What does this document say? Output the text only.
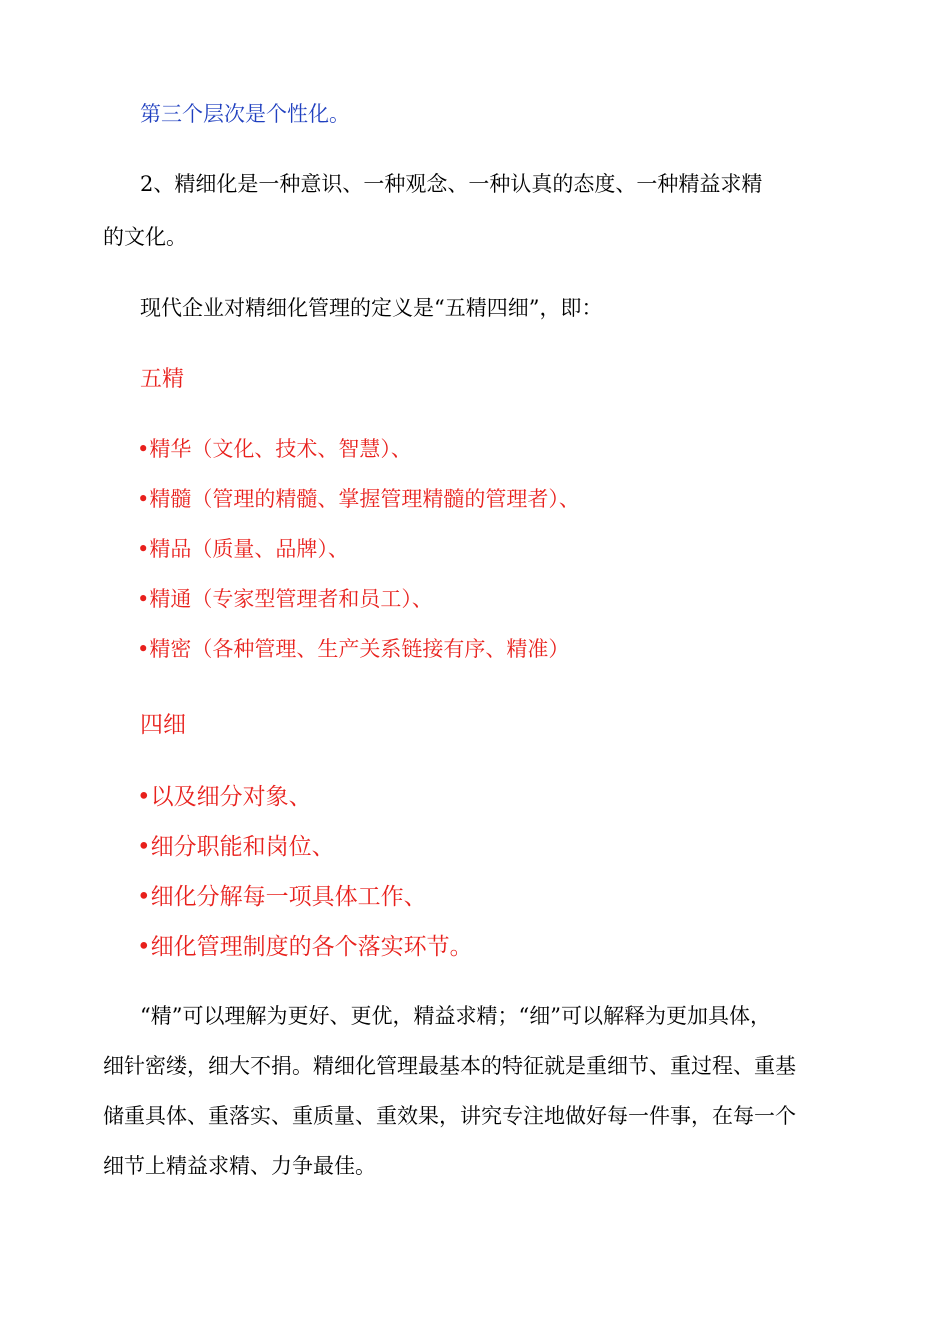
第三个层次是个性化。

2、精细化是一种意识、一种观念、一种认真的态度、一种精益求精

的文化。

现代企业对精细化管理的定义是“五精四细”，即：

五精

•精华（文化、技术、智慧）、

•精髓（管理的精髓、掌握管理精髓的管理者）、

•精品（质量、品牌）、

•精通（专家型管理者和员工）、

•精密（各种管理、生产关系链接有序、精准）

四细

•以及细分对象、

•细分职能和岗位、

•细化分解每一项具体工作、

•细化管理制度的各个落实环节。

“精”可以理解为更好、更优，精益求精；“细”可以解释为更加具体，

细针密缕，细大不捐。精细化管理最基本的特征就是重细节、重过程、重基

储重具体、重落实、重质量、重效果，讲究专注地做好每一件事，在每一个

细节上精益求精、力争最佳。
